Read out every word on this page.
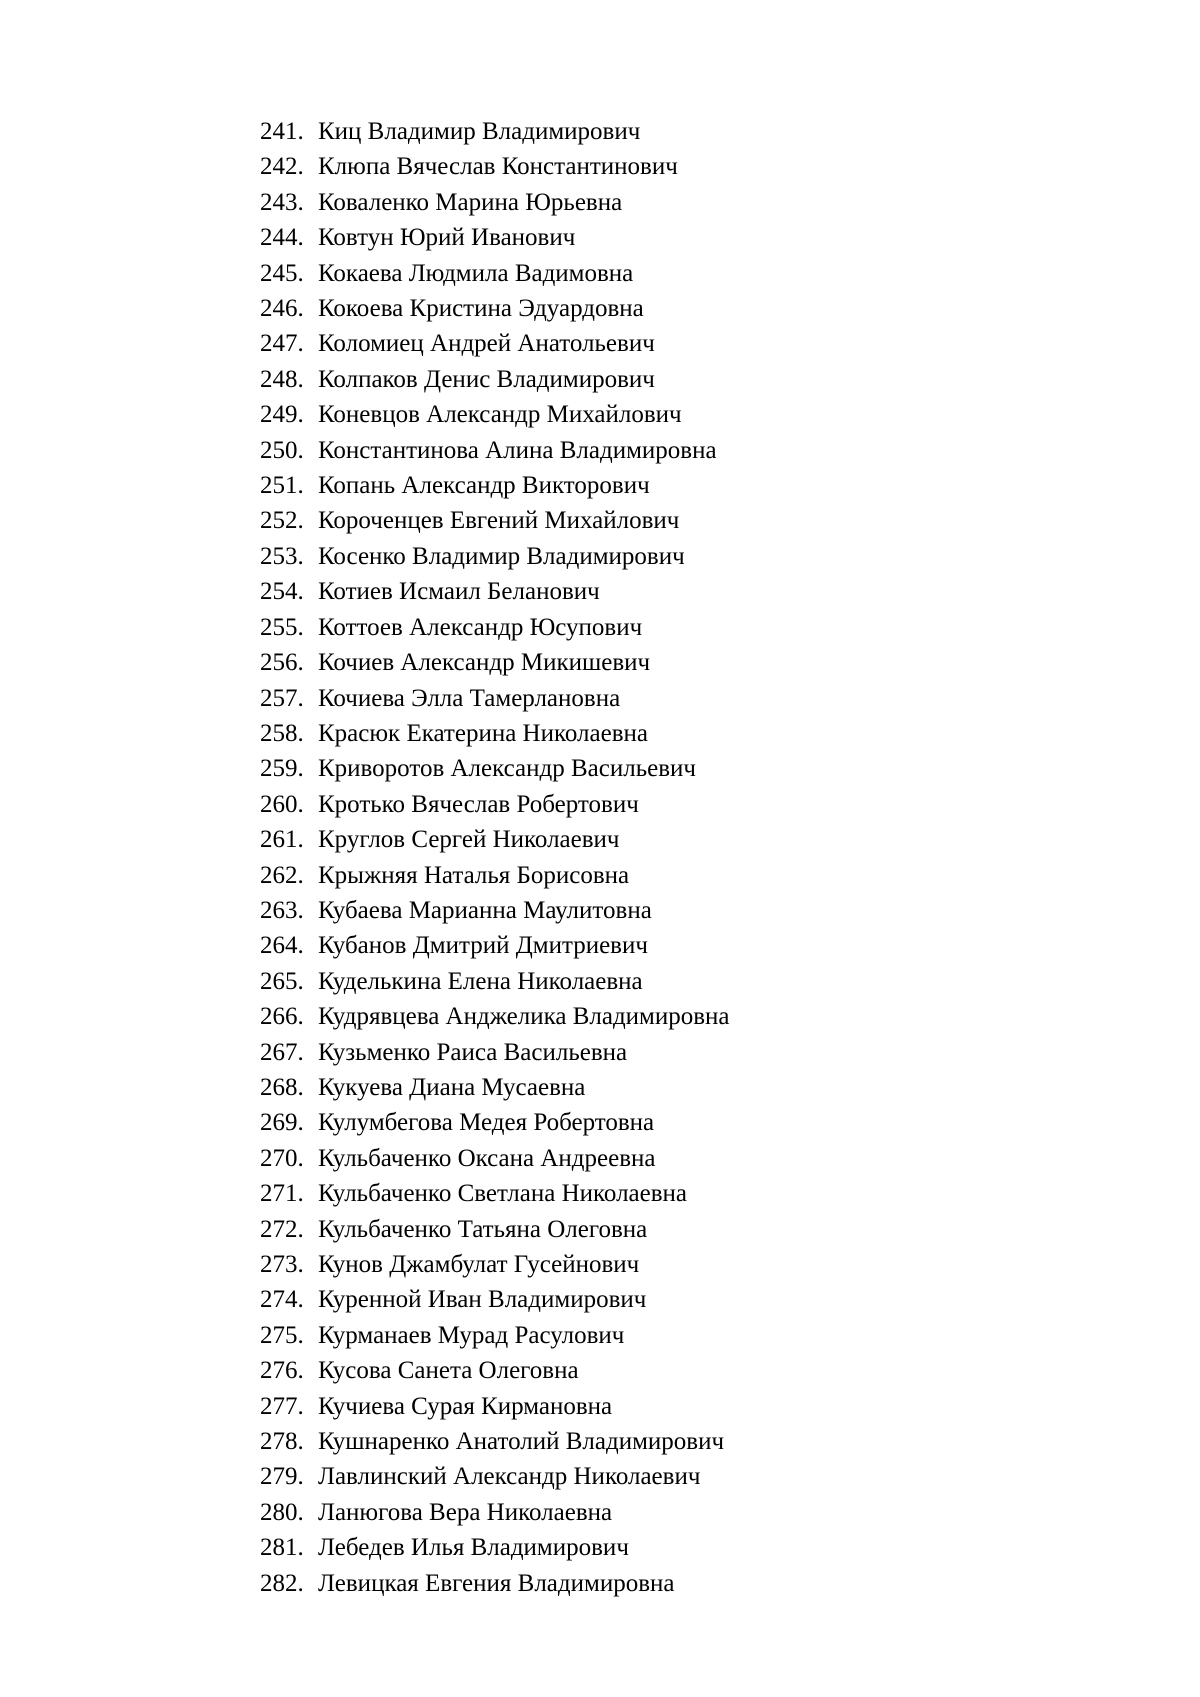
241. Киц Владимир Владимирович
242. Клюпа Вячеслав Константинович
243. Коваленко Марина Юрьевна
244. Ковтун Юрий Иванович
245. Кокаева Людмила Вадимовна
246. Кокоева Кристина Эдуардовна
247. Коломиец Андрей Анатольевич
248. Колпаков Денис Владимирович
249. Коневцов Александр Михайлович
250. Константинова Алина Владимировна
251. Копань Александр Викторович
252. Короченцев Евгений Михайлович
253. Косенко Владимир Владимирович
254. Котиев Исмаил Беланович
255. Коттоев Александр Юсупович
256. Кочиев Александр Микишевич
257. Кочиева Элла Тамерлановна
258. Красюк Екатерина Николаевна
259. Криворотов Александр Васильевич
260. Кротько Вячеслав Робертович
261. Круглов Сергей Николаевич
262. Крыжняя Наталья Борисовна
263. Кубаева Марианна Маулитовна
264. Кубанов Дмитрий Дмитриевич
265. Куделькина Елена Николаевна
266. Кудрявцева Анджелика Владимировна
267. Кузьменко Раиса Васильевна
268. Кукуева Диана Мусаевна
269. Кулумбегова Медея Робертовна
270. Кульбаченко Оксана Андреевна
271. Кульбаченко Светлана Николаевна
272. Кульбаченко Татьяна Олеговна
273. Кунов Джамбулат Гусейнович
274. Куренной Иван Владимирович
275. Курманаев Мурад Расулович
276. Кусова Санета Олеговна
277. Кучиева Сурая Кирмановна
278. Кушнаренко Анатолий Владимирович
279. Лавлинский Александр Николаевич
280. Ланюгова Вера Николаевна
281. Лебедев Илья Владимирович
282. Левицкая Евгения Владимировна
